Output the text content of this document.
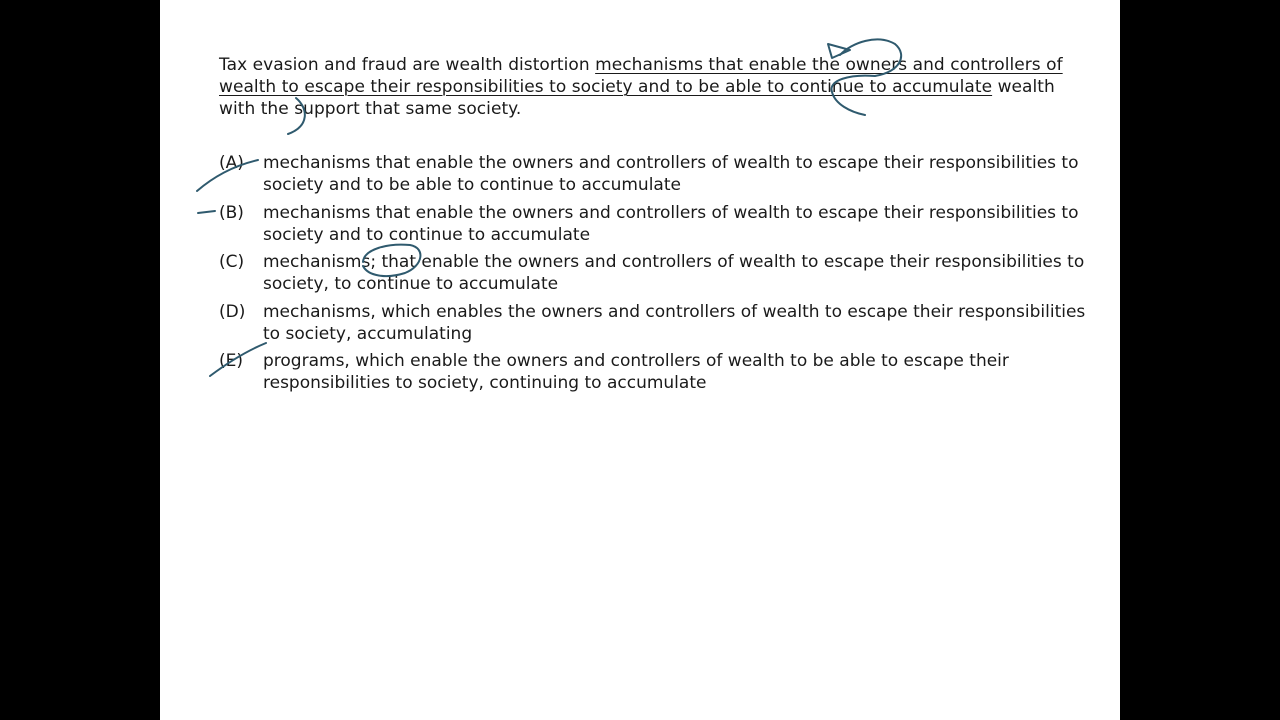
Tax evasion and fraud are wealth distortion mechanisms that enable the owners and controllers of wealth to escape their responsibilities to society and to be able to continue to accumulate wealth with the support that same society.
(A)	mechanisms that enable the owners and controllers of wealth to escape their responsibilities to society and to be able to continue to accumulate
(B)	mechanisms that enable the owners and controllers of wealth to escape their responsibilities to society and to continue to accumulate
(C)	mechanisms; that enable the owners and controllers of wealth to escape their responsibilities to society, to continue to accumulate
(D)	mechanisms, which enables the owners and controllers of wealth to escape their responsibilities to society, accumulating
(E)	programs, which enable the owners and controllers of wealth to be able to escape their responsibilities to society, continuing to accumulate
